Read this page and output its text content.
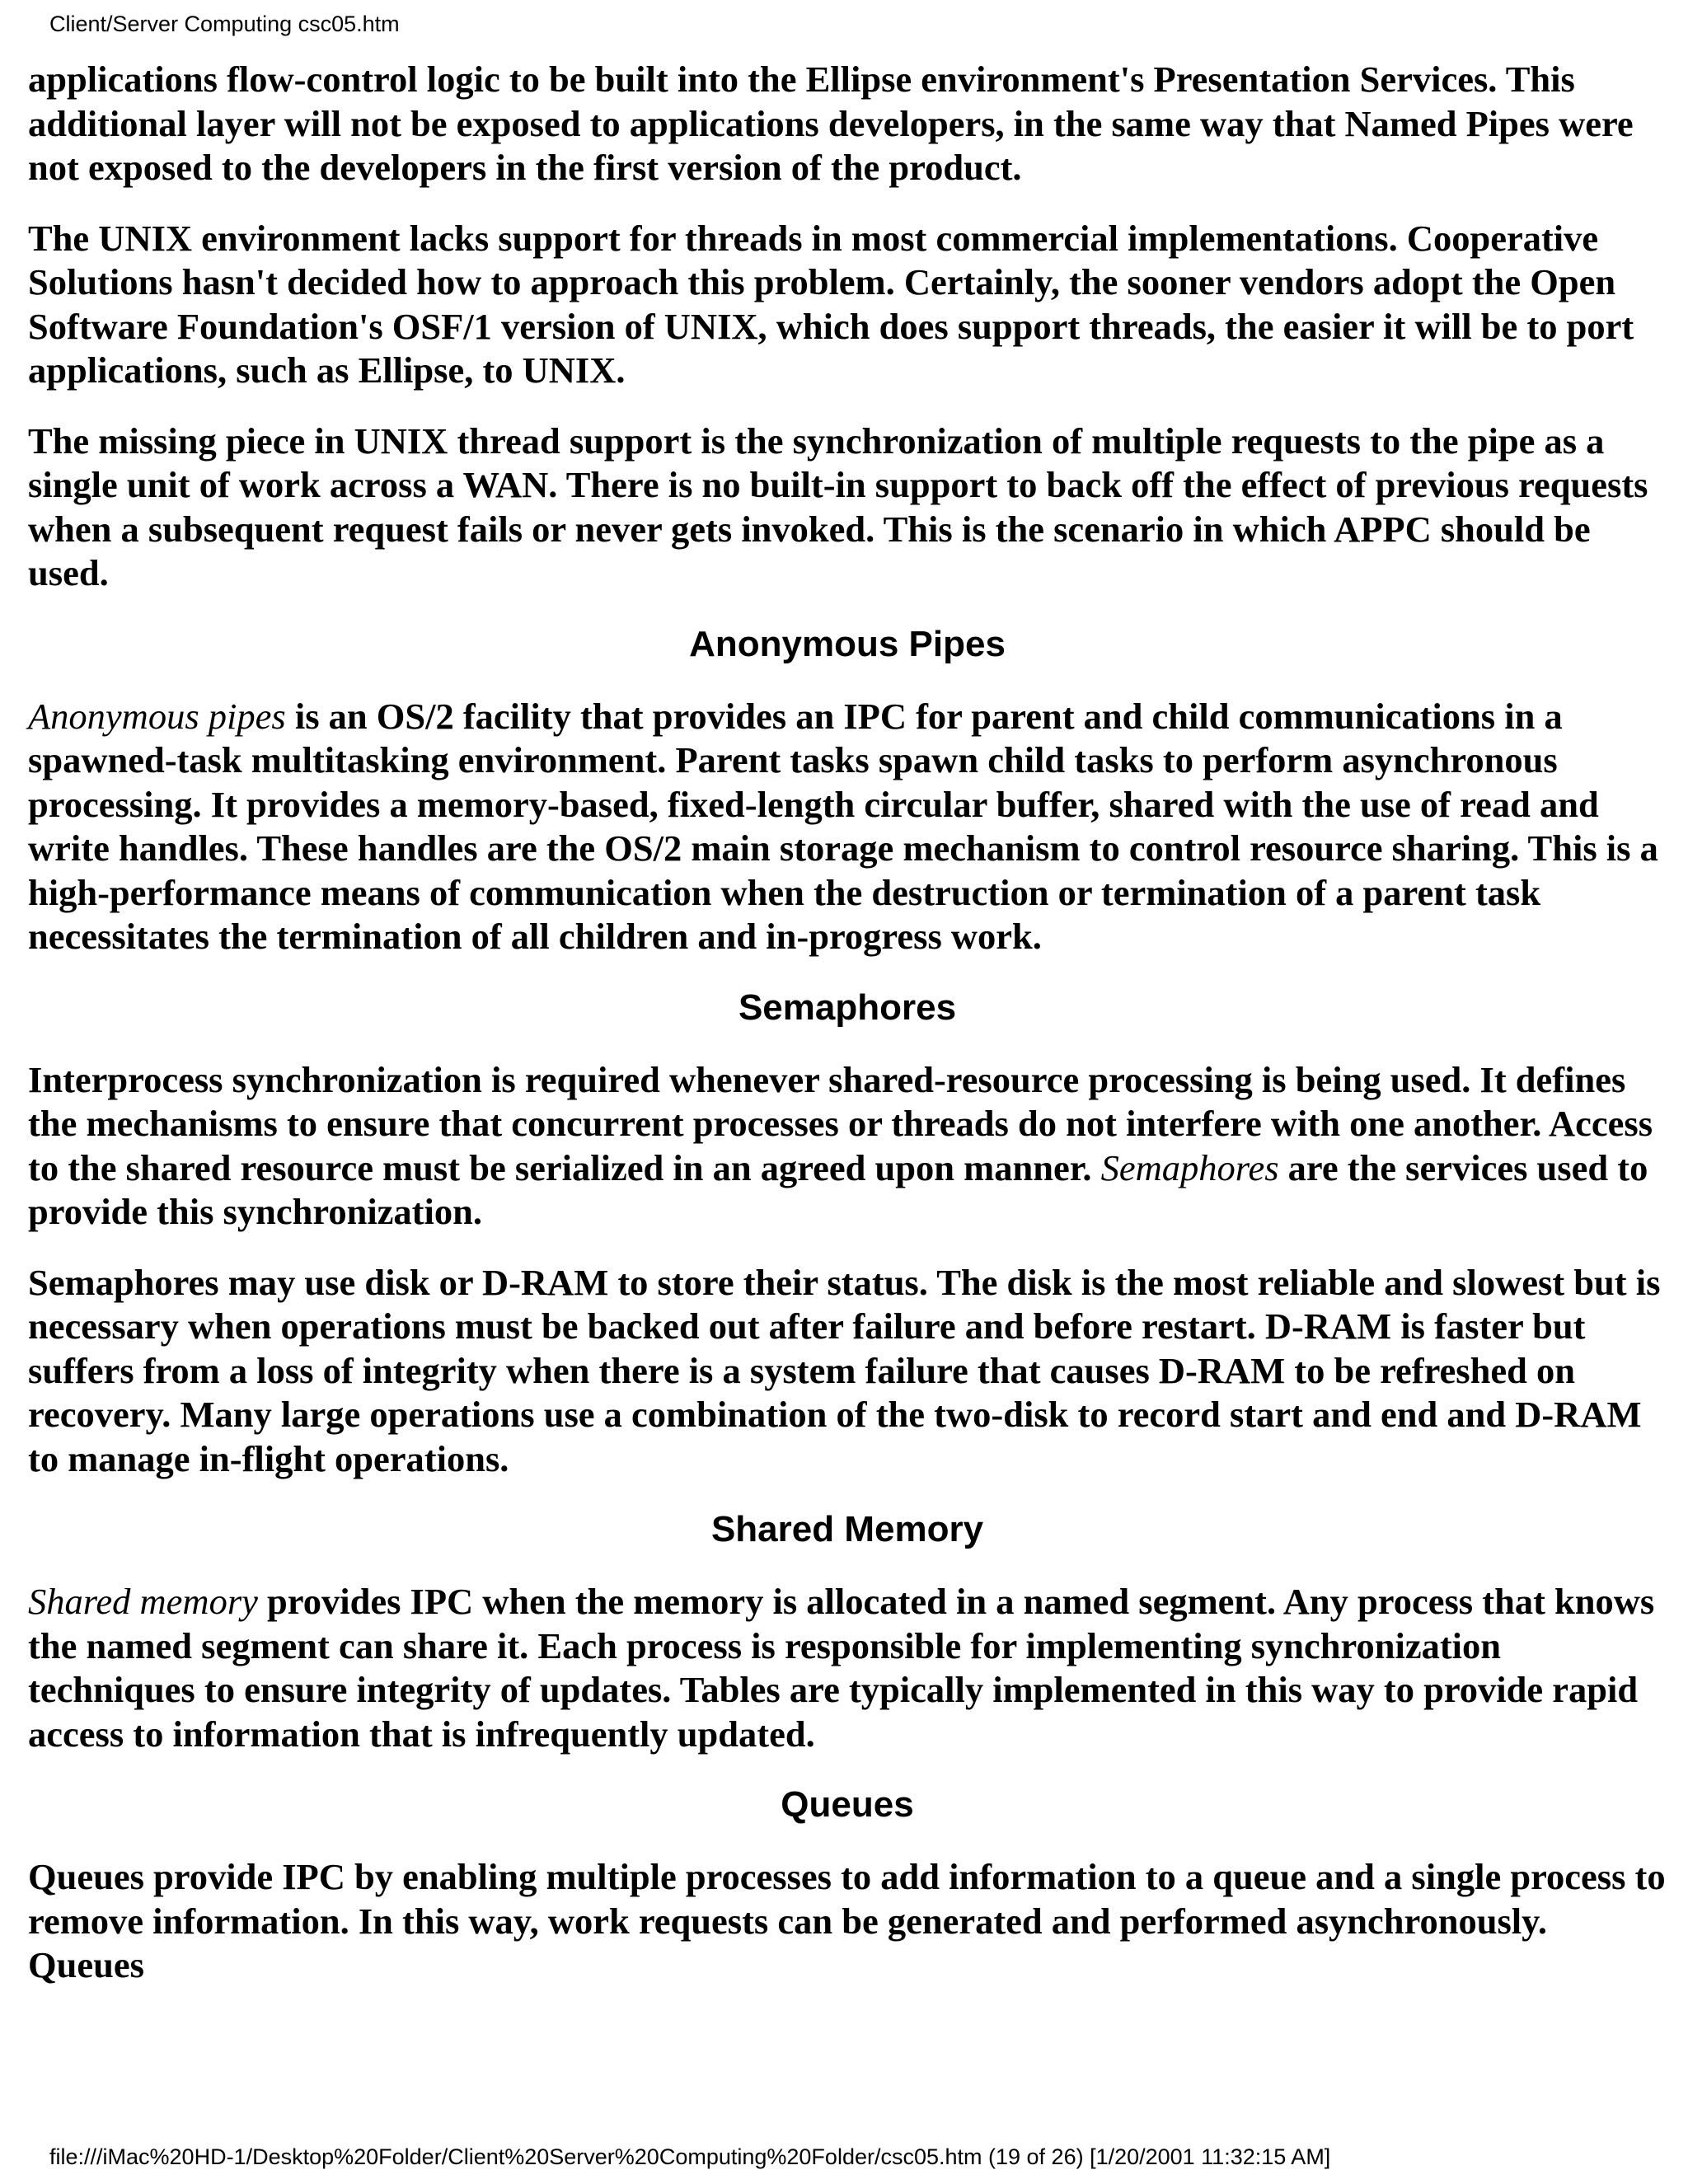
Client/Server Computing csc05.htm

applications flow-control logic to be built into the Ellipse environment's Presentation Services. This additional layer will not be exposed to applications developers, in the same way that Named Pipes were not exposed to the developers in the first version of the product.

The UNIX environment lacks support for threads in most commercial implementations. Cooperative Solutions hasn't decided how to approach this problem. Certainly, the sooner vendors adopt the Open Software Foundation's OSF/1 version of UNIX, which does support threads, the easier it will be to port applications, such as Ellipse, to UNIX.

The missing piece in UNIX thread support is the synchronization of multiple requests to the pipe as a single unit of work across a WAN. There is no built-in support to back off the effect of previous requests when a subsequent request fails or never gets invoked. This is the scenario in which APPC should be used.

Anonymous Pipes

Anonymous pipes is an OS/2 facility that provides an IPC for parent and child communications in a spawned-task multitasking environment. Parent tasks spawn child tasks to perform asynchronous processing. It provides a memory-based, fixed-length circular buffer, shared with the use of read and write handles. These handles are the OS/2 main storage mechanism to control resource sharing. This is a high-performance means of communication when the destruction or termination of a parent task necessitates the termination of all children and in-progress work.

Semaphores

Interprocess synchronization is required whenever shared-resource processing is being used. It defines the mechanisms to ensure that concurrent processes or threads do not interfere with one another. Access to the shared resource must be serialized in an agreed upon manner. Semaphores are the services used to provide this synchronization.

Semaphores may use disk or D-RAM to store their status. The disk is the most reliable and slowest but is necessary when operations must be backed out after failure and before restart. D-RAM is faster but suffers from a loss of integrity when there is a system failure that causes D-RAM to be refreshed on recovery. Many large operations use a combination of the two-disk to record start and end and D-RAM to manage in-flight operations.

Shared Memory

Shared memory provides IPC when the memory is allocated in a named segment. Any process that knows the named segment can share it. Each process is responsible for implementing synchronization techniques to ensure integrity of updates. Tables are typically implemented in this way to provide rapid access to information that is infrequently updated.

Queues

Queues provide IPC by enabling multiple processes to add information to a queue and a single process to remove information. In this way, work requests can be generated and performed asynchronously. Queues

file:///iMac%20HD-1/Desktop%20Folder/Client%20Server%20Computing%20Folder/csc05.htm (19 of 26) [1/20/2001 11:32:15 AM]
